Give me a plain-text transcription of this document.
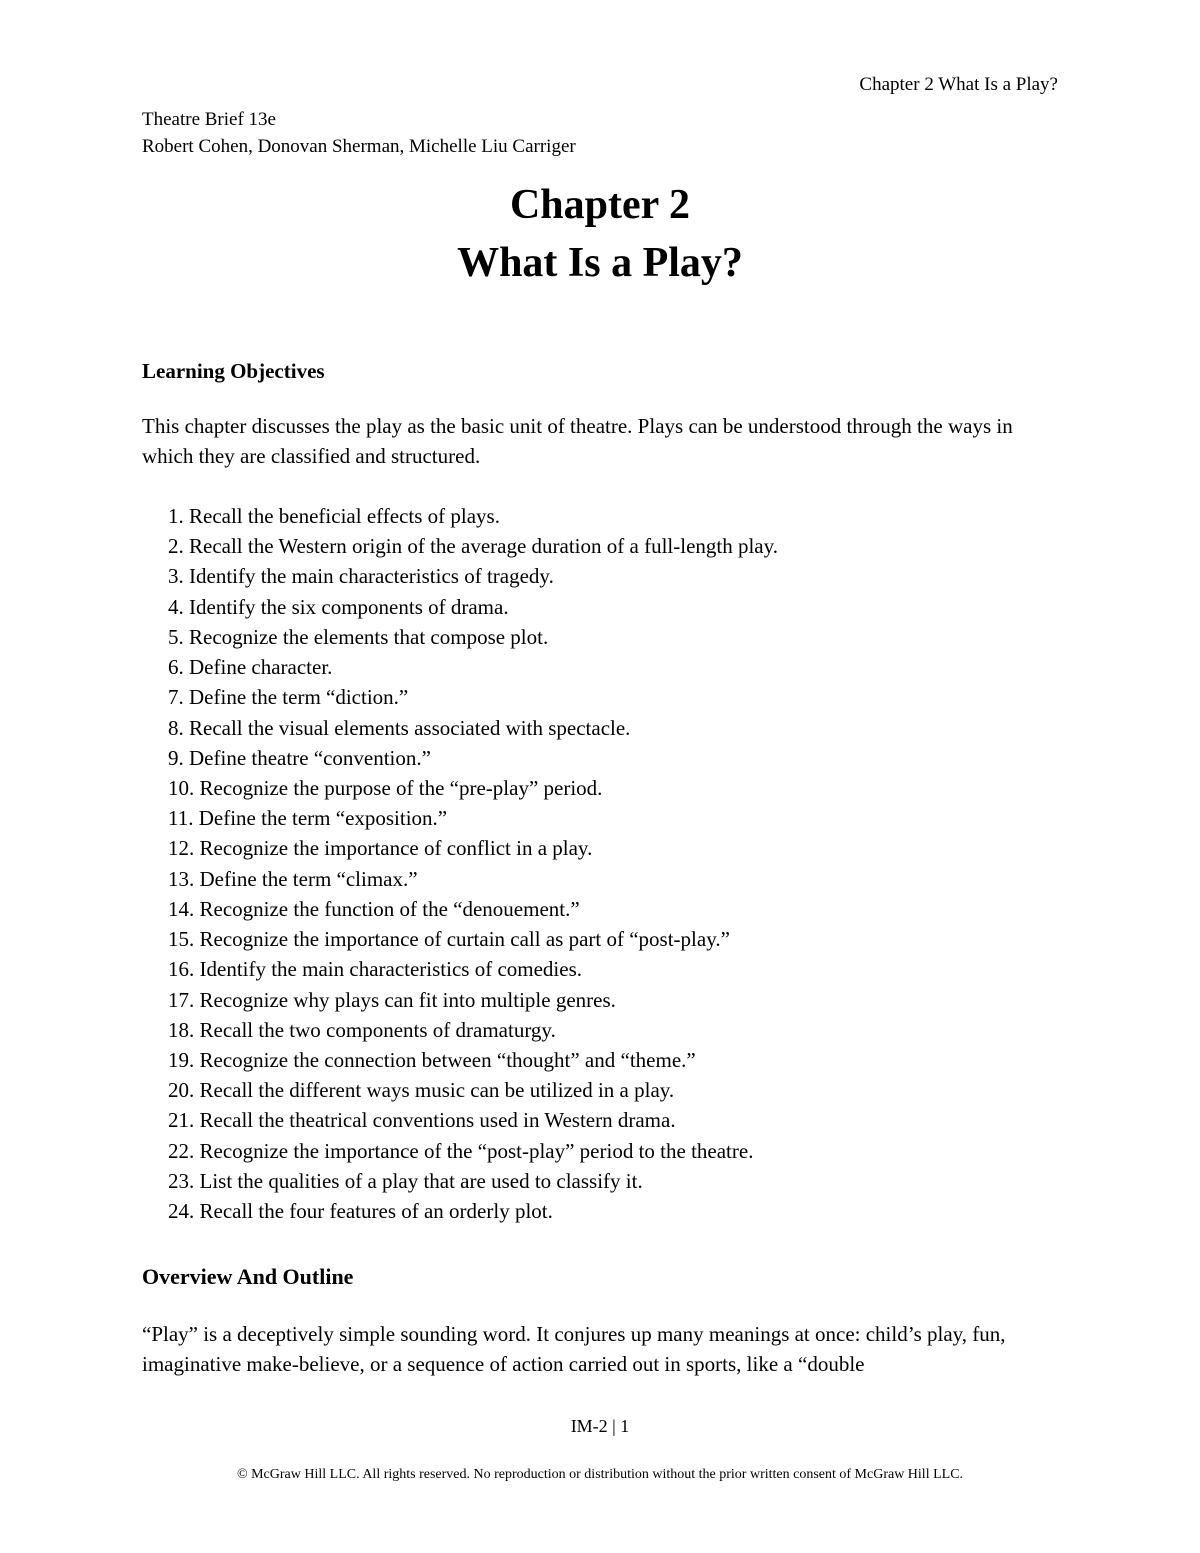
Chapter 2 What Is a Play?
Theatre Brief 13e
Robert Cohen, Donovan Sherman, Michelle Liu Carriger
Chapter 2
What Is a Play?
Learning Objectives
This chapter discusses the play as the basic unit of theatre. Plays can be understood through the ways in which they are classified and structured.
1. Recall the beneficial effects of plays.
2. Recall the Western origin of the average duration of a full-length play.
3. Identify the main characteristics of tragedy.
4. Identify the six components of drama.
5. Recognize the elements that compose plot.
6. Define character.
7. Define the term “diction.”
8. Recall the visual elements associated with spectacle.
9. Define theatre “convention.”
10. Recognize the purpose of the “pre-play” period.
11. Define the term “exposition.”
12. Recognize the importance of conflict in a play.
13. Define the term “climax.”
14. Recognize the function of the “denouement.”
15. Recognize the importance of curtain call as part of “post-play.”
16. Identify the main characteristics of comedies.
17. Recognize why plays can fit into multiple genres.
18. Recall the two components of dramaturgy.
19. Recognize the connection between “thought” and “theme.”
20. Recall the different ways music can be utilized in a play.
21. Recall the theatrical conventions used in Western drama.
22. Recognize the importance of the “post-play” period to the theatre.
23. List the qualities of a play that are used to classify it.
24. Recall the four features of an orderly plot.
Overview And Outline
“Play” is a deceptively simple sounding word. It conjures up many meanings at once: child’s play, fun, imaginative make-believe, or a sequence of action carried out in sports, like a “double
IM-2 | 1
© McGraw Hill LLC. All rights reserved. No reproduction or distribution without the prior written consent of McGraw Hill LLC.
